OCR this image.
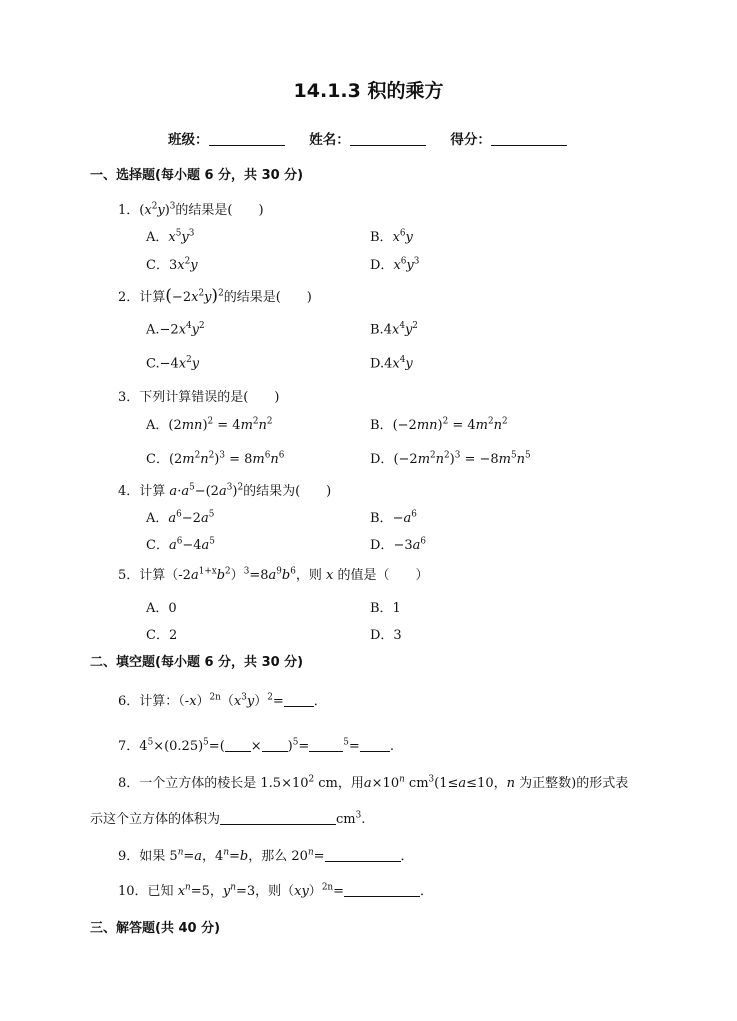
14.1.3 积的乘方
班级：	姓名：	得分：
一、选择题(每小题 6 分，共 30 分)
1．$(x^2y)^3$的结果是(　　)
A．$x^5y^3$	B．$x^6y$
C．$3x^2y$	D．$x^6y^3$
2．计算$(-2x^2y)^2$的结果是(　　)
$A.-2x^4y^2$	$B.4x^4y^2$
$C.-4x^2y$	$D.4x^4y$
3．下列计算错误的是(　　)
A．$(2mn)^2 = 4m^2n^2$	B．$(-2mn)^2 = 4m^2n^2$
C．$(2m^2n^2)^3 = 8m^6n^6$	D．$(-2m^2n^2)^3 = -8m^5n^5$
4．计算 $a\cdot a^5-(2a^3)^2$的结果为(　　)
A．$a^6-2a^5$	B．$-a^6$
C．$a^6-4a^5$	D．$-3a^6$
5．计算$(-2a^{1+x}b^2)^3=8a^9b^6$，则 x 的值是（　　）
A．0	B．1
C．2	D．3
二、填空题(每小题 6 分，共 30 分)
6．计算：$(-x)^{2n}(x^3y)^2=$ ．
7．$4^5\times(0.25)^5=( \times )^5=$	$^5$= .
8．一个立方体的棱长是 $1.5\times 10^2$ cm，用$a\times 10^n$ $cm^3(1\le a\le 10$，n 为正整数)的形式表
示这个立方体的体积为	$cm^3$.
9．如果 $5^n=a$，$4^n=b$，那么 $20^n=$	．
10．已知 $x^n=5$，$y^n=3$，则（xy）$^{2n}$=	．
三、解答题(共 40 分)
